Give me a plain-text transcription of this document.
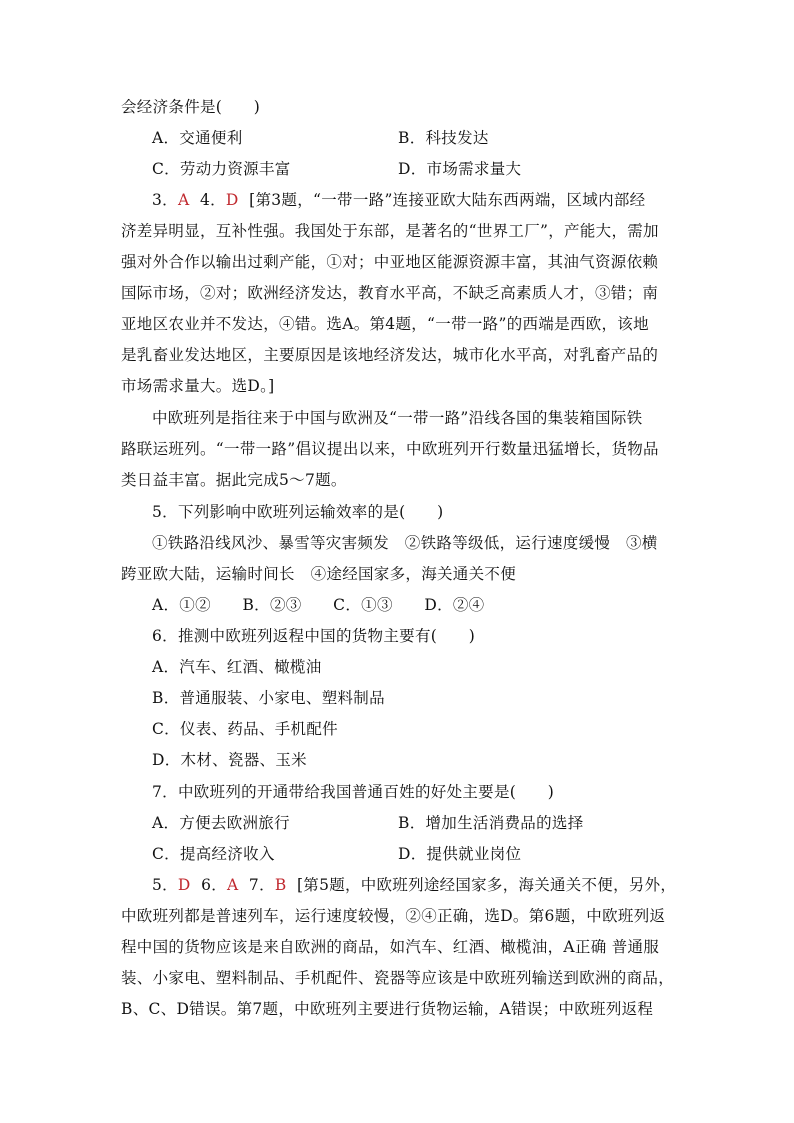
会经济条件是(　　)
A．交通便利	B．科技发达
C．劳动力资源丰富	D．市场需求量大
3．A 4．D [第3题，“一带一路”连接亚欧大陆东西两端，区域内部经
济差异明显，互补性强。我国处于东部，是著名的“世界工厂”，产能大，需加
强对外合作以输出过剩产能，①对；中亚地区能源资源丰富，其油气资源依赖
国际市场，②对；欧洲经济发达，教育水平高，不缺乏高素质人才，③错；南
亚地区农业并不发达，④错。选A。第4题，“一带一路”的西端是西欧，该地
是乳畜业发达地区，主要原因是该地经济发达，城市化水平高，对乳畜产品的
市场需求量大。选D。]
中欧班列是指往来于中国与欧洲及“一带一路”沿线各国的集装箱国际铁
路联运班列。“一带一路”倡议提出以来，中欧班列开行数量迅猛增长，货物品
类日益丰富。据此完成5～7题。
5．下列影响中欧班列运输效率的是(　　)
①铁路沿线风沙、暴雪等灾害频发　②铁路等级低，运行速度缓慢　③横
跨亚欧大陆，运输时间长　④途经国家多，海关通关不便
A．①②　　B．②③　　C．①③　　D．②④
6．推测中欧班列返程中国的货物主要有(　　)
A．汽车、红酒、橄榄油
B．普通服装、小家电、塑料制品
C．仪表、药品、手机配件
D．木材、瓷器、玉米
7．中欧班列的开通带给我国普通百姓的好处主要是(　　)
A．方便去欧洲旅行	B．增加生活消费品的选择
C．提高经济收入	D．提供就业岗位
5．D 6．A 7．B [第5题，中欧班列途经国家多，海关通关不便，另外，
中欧班列都是普速列车，运行速度较慢，②④正确，选D。第6题，中欧班列返
程中国的货物应该是来自欧洲的商品，如汽车、红酒、橄榄油，A正确 普通服
装、小家电、塑料制品、手机配件、瓷器等应该是中欧班列输送到欧洲的商品，
B、C、D错误。第7题，中欧班列主要进行货物运输，A错误；中欧班列返程
